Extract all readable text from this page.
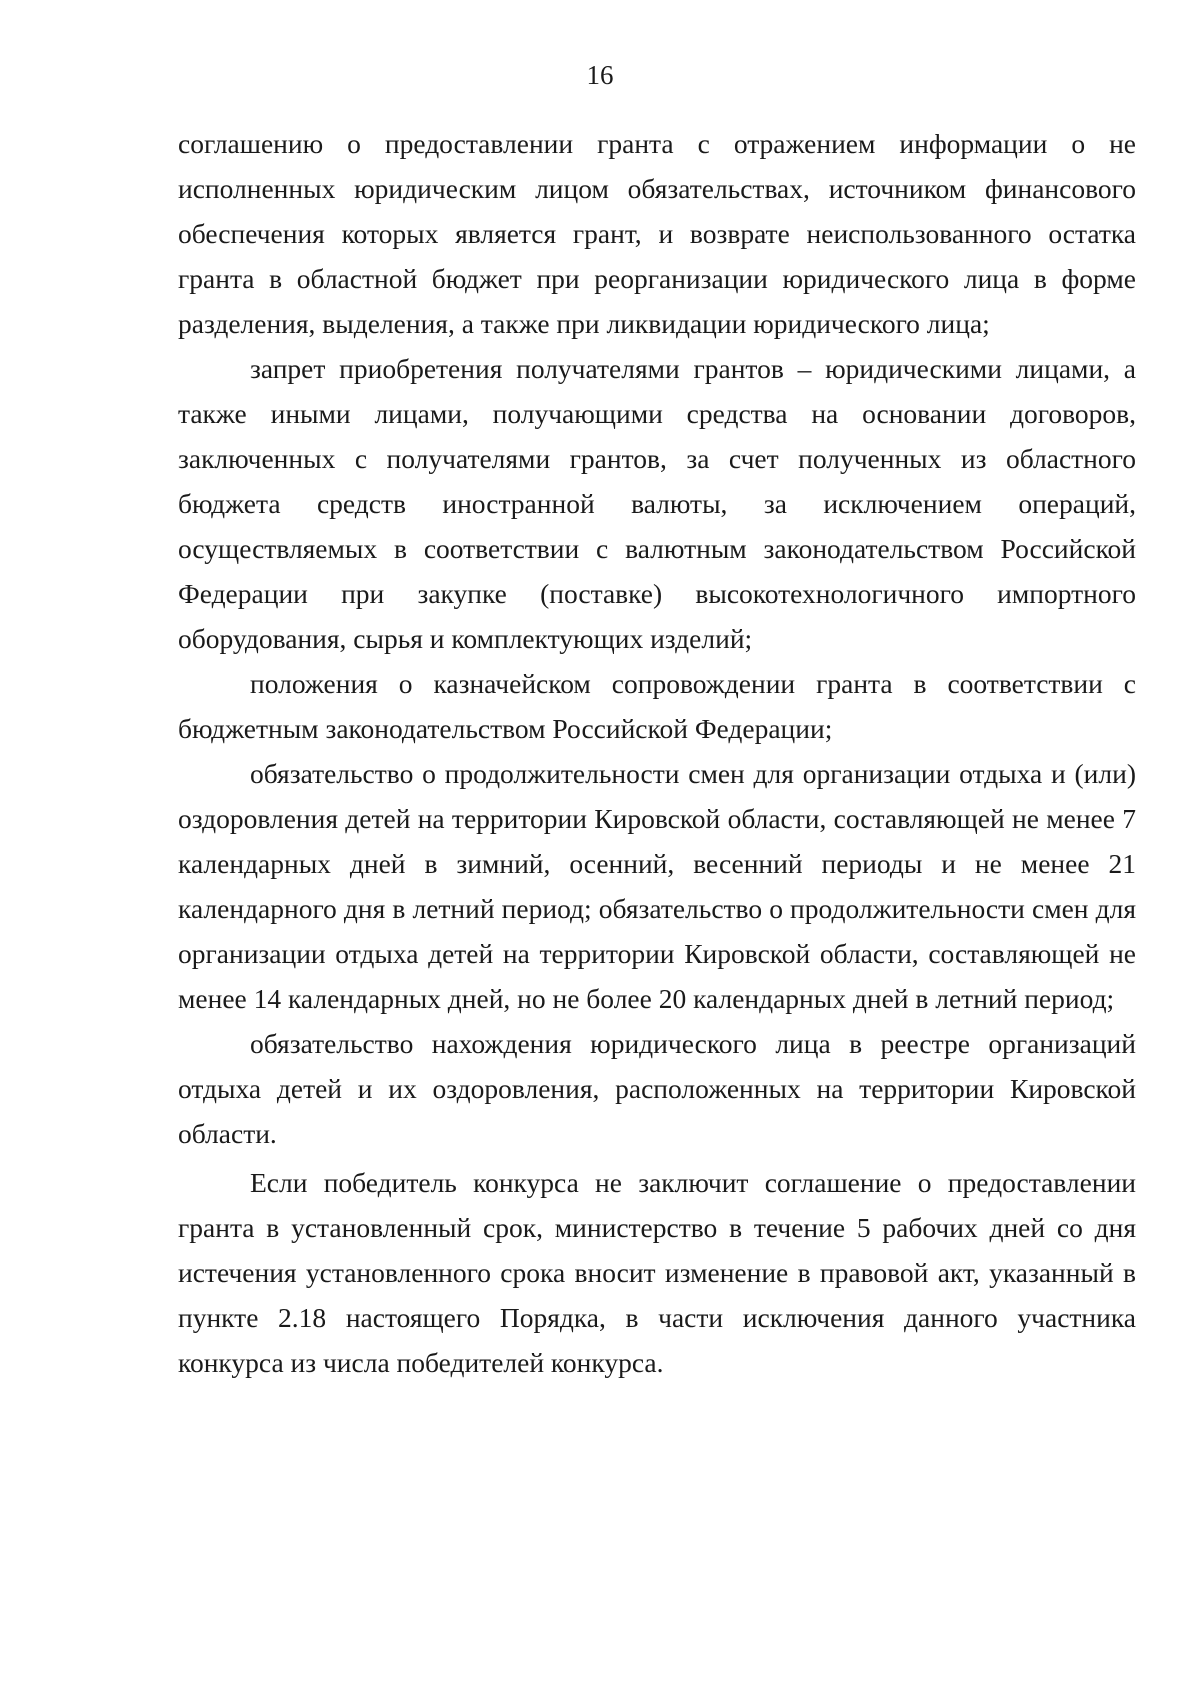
16

соглашению о предоставлении гранта с отражением информации о не исполненных юридическим лицом обязательствах, источником финансового обеспечения которых является грант, и возврате неиспользованного остатка гранта в областной бюджет при реорганизации юридического лица в форме разделения, выделения, а также при ликвидации юридического лица;

запрет приобретения получателями грантов – юридическими лицами, а также иными лицами, получающими средства на основании договоров, заключенных с получателями грантов, за счет полученных из областного бюджета средств иностранной валюты, за исключением операций, осуществляемых в соответствии с валютным законодательством Российской Федерации при закупке (поставке) высокотехнологичного импортного оборудования, сырья и комплектующих изделий;

положения о казначейском сопровождении гранта в соответствии с бюджетным законодательством Российской Федерации;

обязательство о продолжительности смен для организации отдыха и (или) оздоровления детей на территории Кировской области, составляющей не менее 7 календарных дней в зимний, осенний, весенний периоды и не менее 21 календарного дня в летний период; обязательство о продолжительности смен для организации отдыха детей на территории Кировской области, составляющей не менее 14 календарных дней, но не более 20 календарных дней в летний период;

обязательство нахождения юридического лица в реестре организаций отдыха детей и их оздоровления, расположенных на территории Кировской области.

Если победитель конкурса не заключит соглашение о предоставлении гранта в установленный срок, министерство в течение 5 рабочих дней со дня истечения установленного срока вносит изменение в правовой акт, указанный в пункте 2.18 настоящего Порядка, в части исключения данного участника конкурса из числа победителей конкурса.
